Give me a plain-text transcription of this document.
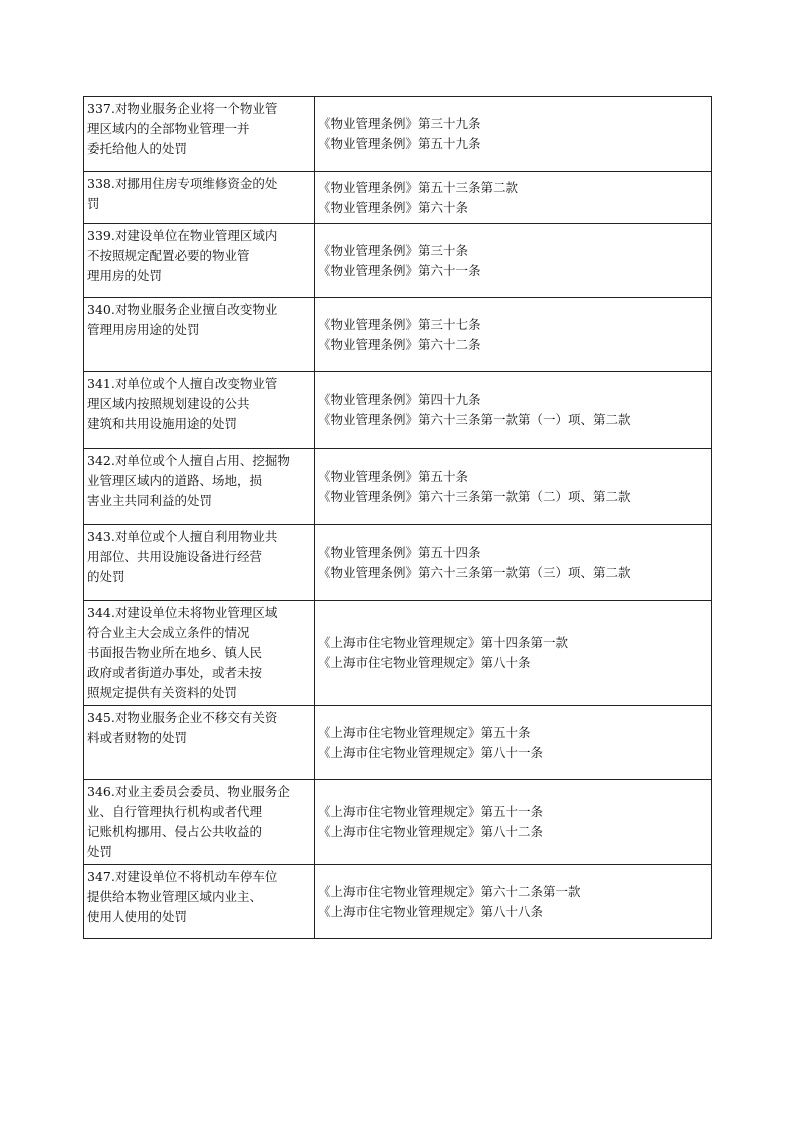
337.对物业服务企业将一个物业管
理区域内的全部物业管理一并
委托给他人的处罚	《物业管理条例》第三十九条
《物业管理条例》第五十九条

338.对挪用住房专项维修资金的处
罚	《物业管理条例》第五十三条第二款
《物业管理条例》第六十条

339.对建设单位在物业管理区域内
不按照规定配置必要的物业管
理用房的处罚	《物业管理条例》第三十条
《物业管理条例》第六十一条

340.对物业服务企业擅自改变物业
管理用房用途的处罚	《物业管理条例》第三十七条
《物业管理条例》第六十二条

341.对单位或个人擅自改变物业管
理区域内按照规划建设的公共
建筑和共用设施用途的处罚	《物业管理条例》第四十九条
《物业管理条例》第六十三条第一款第（一）项、第二款

342.对单位或个人擅自占用、挖掘物
业管理区域内的道路、场地，损
害业主共同利益的处罚	《物业管理条例》第五十条
《物业管理条例》第六十三条第一款第（二）项、第二款

343.对单位或个人擅自利用物业共
用部位、共用设施设备进行经营
的处罚	《物业管理条例》第五十四条
《物业管理条例》第六十三条第一款第（三）项、第二款

344.对建设单位未将物业管理区域
符合业主大会成立条件的情况
书面报告物业所在地乡、镇人民
政府或者街道办事处，或者未按
照规定提供有关资料的处罚	《上海市住宅物业管理规定》第十四条第一款
《上海市住宅物业管理规定》第八十条

345.对物业服务企业不移交有关资
料或者财物的处罚	《上海市住宅物业管理规定》第五十条
《上海市住宅物业管理规定》第八十一条

346.对业主委员会委员、物业服务企
业、自行管理执行机构或者代理
记账机构挪用、侵占公共收益的
处罚	《上海市住宅物业管理规定》第五十一条
《上海市住宅物业管理规定》第八十二条

347.对建设单位不将机动车停车位
提供给本物业管理区域内业主、
使用人使用的处罚	《上海市住宅物业管理规定》第六十二条第一款
《上海市住宅物业管理规定》第八十八条
